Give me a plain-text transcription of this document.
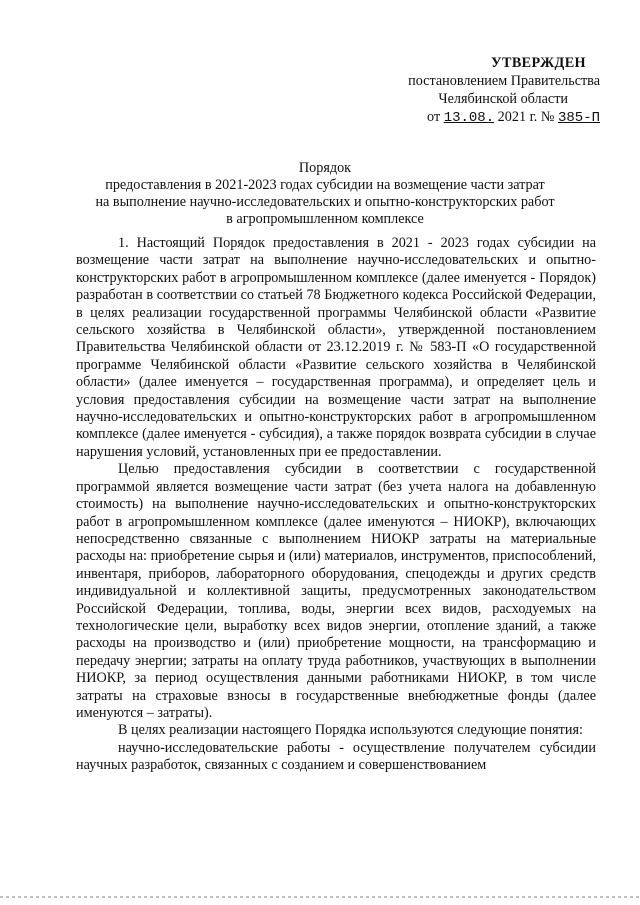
УТВЕРЖДЕН
постановлением Правительства
Челябинской области
от 13.08. 2021 г. № 385-П
Порядок
предоставления в 2021-2023 годах субсидии на возмещение части затрат
на выполнение научно-исследовательских и опытно-конструкторских работ
в агропромышленном комплексе

1. Настоящий Порядок предоставления в 2021 - 2023 годах субсидии на возмещение части затрат на выполнение научно-исследовательских и опытно-конструкторских работ в агропромышленном комплексе (далее именуется - Порядок) разработан в соответствии со статьей 78 Бюджетного кодекса Российской Федерации, в целях реализации государственной программы Челябинской области «Развитие сельского хозяйства в Челябинской области», утвержденной постановлением Правительства Челябинской области от 23.12.2019 г. № 583-П «О государственной программе Челябинской области «Развитие сельского хозяйства в Челябинской области» (далее именуется – государственная программа), и определяет цель и условия предоставления субсидии на возмещение части затрат на выполнение научно-исследовательских и опытно-конструкторских работ в агропромышленном комплексе (далее именуется - субсидия), а также порядок возврата субсидии в случае нарушения условий, установленных при ее предоставлении.

Целью предоставления субсидии в соответствии с государственной программой является возмещение части затрат (без учета налога на добавленную стоимость) на выполнение научно-исследовательских и опытно-конструкторских работ в агропромышленном комплексе (далее именуются – НИОКР), включающих непосредственно связанные с выполнением НИОКР затраты на материальные расходы на: приобретение сырья и (или) материалов, инструментов, приспособлений, инвентаря, приборов, лабораторного оборудования, спецодежды и других средств индивидуальной и коллективной защиты, предусмотренных законодательством Российской Федерации, топлива, воды, энергии всех видов, расходуемых на технологические цели, выработку всех видов энергии, отопление зданий, а также расходы на производство и (или) приобретение мощности, на трансформацию и передачу энергии; затраты на оплату труда работников, участвующих в выполнении НИОКР, за период осуществления данными работниками НИОКР, в том числе затраты на страховые взносы в государственные внебюджетные фонды (далее именуются – затраты).

В целях реализации настоящего Порядка используются следующие понятия:

научно-исследовательские работы - осуществление получателем субсидии научных разработок, связанных с созданием и совершенствованием
